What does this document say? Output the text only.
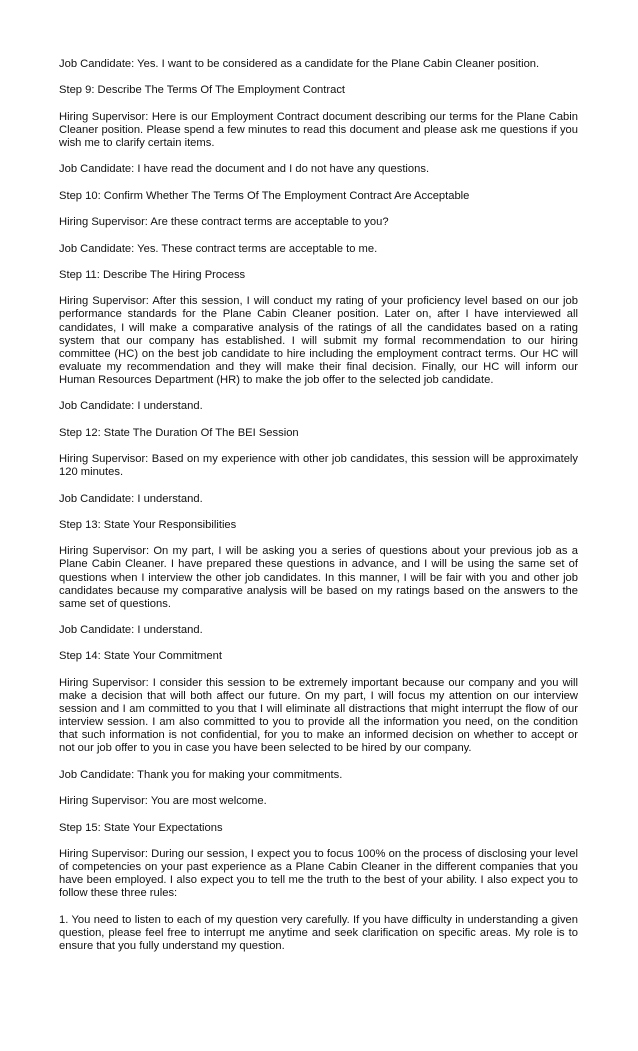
Job Candidate: Yes. I want to be considered as a candidate for the Plane Cabin Cleaner position.

Step 9: Describe The Terms Of The Employment Contract

Hiring Supervisor: Here is our Employment Contract document describing our terms for the Plane Cabin Cleaner position. Please spend a few minutes to read this document and please ask me questions if you wish me to clarify certain items.

Job Candidate: I have read the document and I do not have any questions.

Step 10: Confirm Whether The Terms Of The Employment Contract Are Acceptable

Hiring Supervisor: Are these contract terms are acceptable to you?

Job Candidate: Yes. These contract terms are acceptable to me.

Step 11: Describe The Hiring Process

Hiring Supervisor: After this session, I will conduct my rating of your proficiency level based on our job performance standards for the Plane Cabin Cleaner position. Later on, after I have interviewed all candidates, I will make a comparative analysis of the ratings of all the candidates based on a rating system that our company has established. I will submit my formal recommendation to our hiring committee (HC) on the best job candidate to hire including the employment contract terms. Our HC will evaluate my recommendation and they will make their final decision. Finally, our HC will inform our Human Resources Department (HR) to make the job offer to the selected job candidate.

Job Candidate: I understand.

Step 12: State The Duration Of The BEI Session

Hiring Supervisor: Based on my experience with other job candidates, this session will be approximately 120 minutes.

Job Candidate: I understand.

Step 13: State Your Responsibilities

Hiring Supervisor: On my part, I will be asking you a series of questions about your previous job as a Plane Cabin Cleaner. I have prepared these questions in advance, and I will be using the same set of questions when I interview the other job candidates. In this manner, I will be fair with you and other job candidates because my comparative analysis will be based on my ratings based on the answers to the same set of questions.

Job Candidate: I understand.

Step 14: State Your Commitment

Hiring Supervisor: I consider this session to be extremely important because our company and you will make a decision that will both affect our future. On my part, I will focus my attention on our interview session and I am committed to you that I will eliminate all distractions that might interrupt the flow of our interview session. I am also committed to you to provide all the information you need, on the condition that such information is not confidential, for you to make an informed decision on whether to accept or not our job offer to you in case you have been selected to be hired by our company.

Job Candidate: Thank you for making your commitments.

Hiring Supervisor: You are most welcome.

Step 15: State Your Expectations

Hiring Supervisor: During our session, I expect you to focus 100% on the process of disclosing your level of competencies on your past experience as a Plane Cabin Cleaner in the different companies that you have been employed. I also expect you to tell me the truth to the best of your ability. I also expect you to follow these three rules:

1. You need to listen to each of my question very carefully. If you have difficulty in understanding a given question, please feel free to interrupt me anytime and seek clarification on specific areas. My role is to ensure that you fully understand my question.
